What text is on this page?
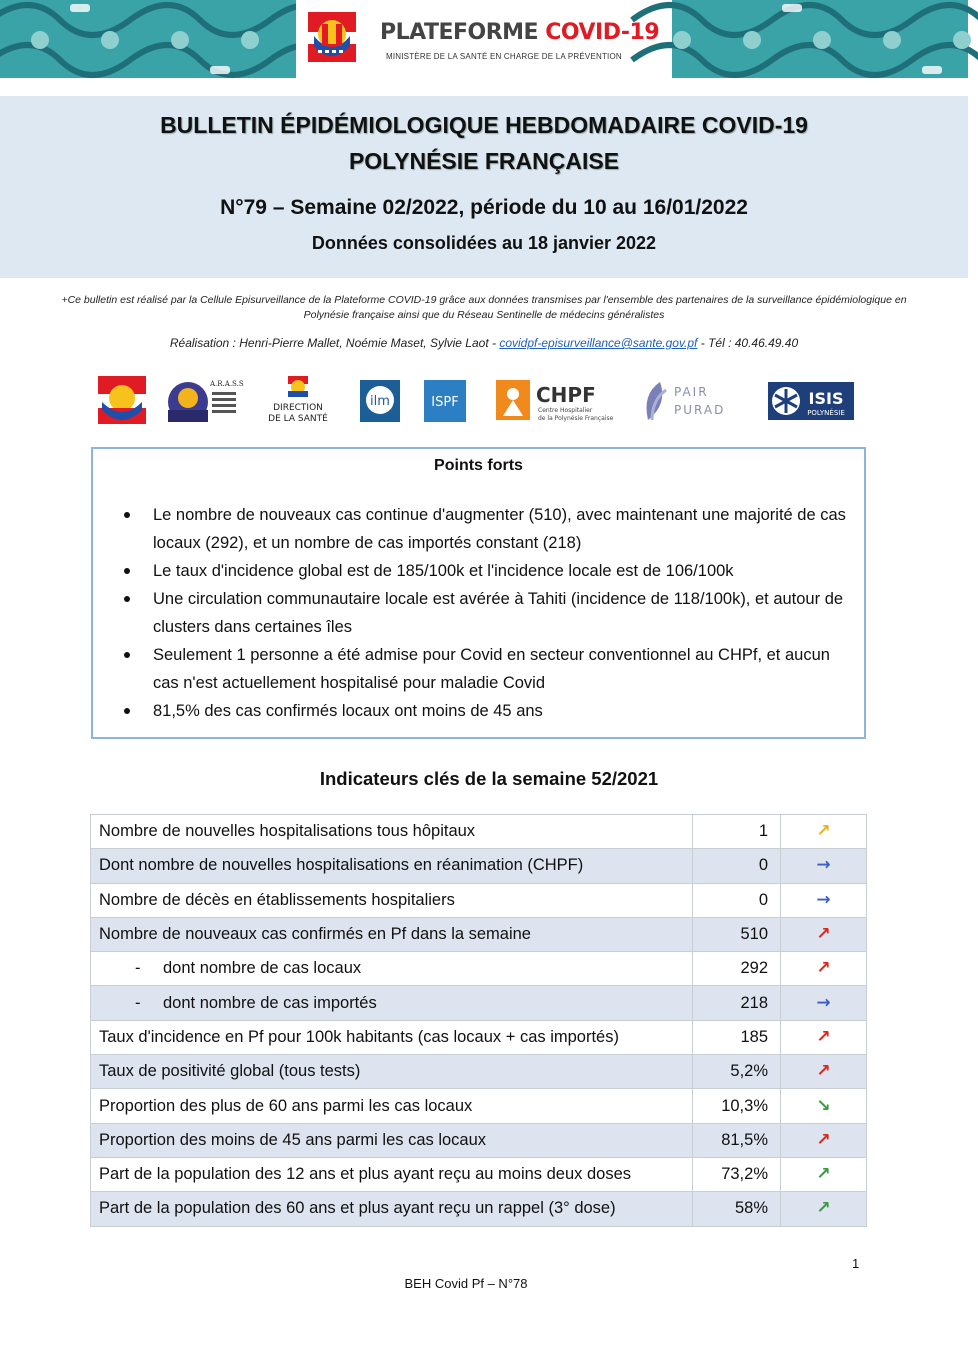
PLATEFORME COVID-19
MINISTÈRE DE LA SANTÉ EN CHARGE DE LA PRÉVENTION
BULLETIN ÉPIDÉMIOLOGIQUE HEBDOMADAIRE COVID-19
POLYNÉSIE FRANÇAISE
N°79 – Semaine 02/2022, période du 10 au 16/01/2022
Données consolidées au 18 janvier 2022
+Ce bulletin est réalisé par la Cellule Episurveillance de la Plateforme COVID-19 grâce aux données transmises par l'ensemble des partenaires de la surveillance épidémiologique en Polynésie française ainsi que du Réseau Sentinelle de médecins généralistes
Réalisation : Henri-Pierre Mallet, Noémie Maset, Sylvie Laot - covidpf-episurveillance@sante.gov.pf - Tél : 40.46.49.40
A.R.A.S.S
DIRECTION
DE LA SANTÉ
ilm	ISPF	CHPF
Centre Hospitalier
de la Polynésie Française
PAIR
PURAD
ISIS
POLYNÉSIE
Points forts
Le nombre de nouveaux cas continue d'augmenter (510), avec maintenant une majorité de cas locaux (292), et un nombre de cas importés constant (218)
Le taux d'incidence global est de 185/100k et l'incidence locale est de 106/100k
Une circulation communautaire locale est avérée à Tahiti (incidence de 118/100k), et autour de clusters dans certaines îles
Seulement 1 personne a été admise pour Covid en secteur conventionnel au CHPf, et aucun cas n'est actuellement hospitalisé pour maladie Covid
81,5% des cas confirmés locaux ont moins de 45 ans
Indicateurs clés de la semaine 52/2021
Nombre de nouvelles hospitalisations tous hôpitaux	1	↗
Dont nombre de nouvelles hospitalisations en réanimation (CHPF)	0	→
Nombre de décès en établissements hospitaliers	0	→
Nombre de nouveaux cas confirmés en Pf dans la semaine	510	↗
- dont nombre de cas locaux	292	↗
- dont nombre de cas importés	218	→
Taux d'incidence en Pf pour 100k habitants (cas locaux + cas importés)	185	↗
Taux de positivité global (tous tests)	5,2%	↗
Proportion des plus de 60 ans parmi les cas locaux	10,3%	↘
Proportion des moins de 45 ans parmi les cas locaux	81,5%	↗
Part de la population des 12 ans et plus ayant reçu au moins deux doses	73,2%	↗
Part de la population des 60 ans et plus ayant reçu un rappel (3° dose)	58%	↗
1
BEH Covid Pf – N°78
